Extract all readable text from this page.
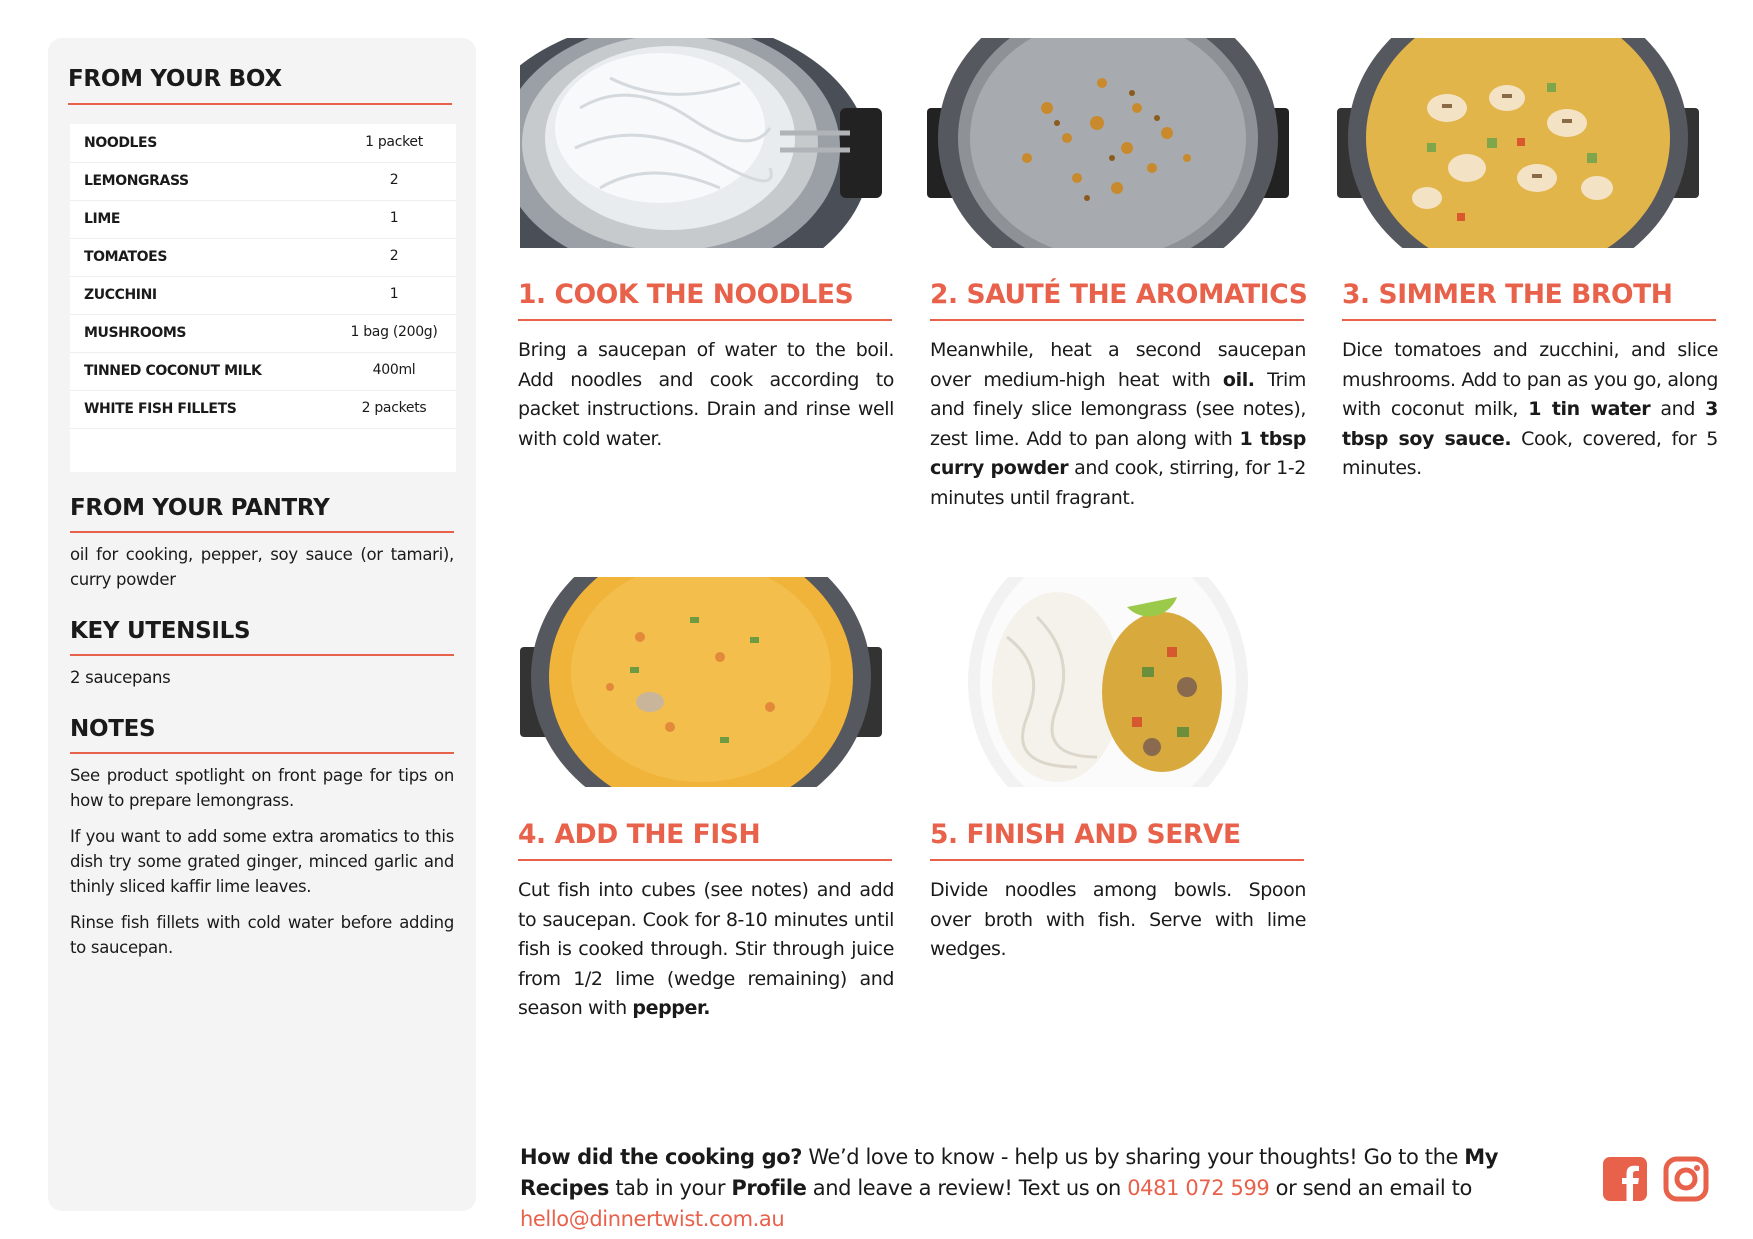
FROM YOUR BOX
NOODLES	1 packet
LEMONGRASS	2
LIME	1
TOMATOES	2
ZUCCHINI	1
MUSHROOMS	1 bag (200g)
TINNED COCONUT MILK	400ml
WHITE FISH FILLETS	2 packets
FROM YOUR PANTRY
oil for cooking, pepper, soy sauce (or tamari), curry powder
KEY UTENSILS
2 saucepans
NOTES
See product spotlight on front page for tips on how to prepare lemongrass.
If you want to add some extra aromatics to this dish try some grated ginger, minced garlic and thinly sliced kaffir lime leaves.
Rinse fish fillets with cold water before adding to saucepan.
1. COOK THE NOODLES	2. SAUTÉ THE AROMATICS 3. SIMMER THE BROTH
4. ADD THE FISH	5. FINISH AND SERVE
Bring a saucepan of water to the boil. Add noodles and cook according to packet instructions. Drain and rinse well with cold water.
Meanwhile, heat a second saucepan over medium-high heat with oil. Trim and finely slice lemongrass (see notes), zest lime. Add to pan along with 1 tbsp curry powder and cook, stirring, for 1-2 minutes until fragrant.
Dice tomatoes and zucchini, and slice mushrooms. Add to pan as you go, along with coconut milk, 1 tin water and 3 tbsp soy sauce. Cook, covered, for 5 minutes.
Cut fish into cubes (see notes) and add to saucepan. Cook for 8-10 minutes until fish is cooked through. Stir through juice from 1/2 lime (wedge remaining) and season with pepper.
Divide noodles among bowls. Spoon over broth with fish. Serve with lime wedges.
How did the cooking go? We’d love to know - help us by sharing your thoughts! Go to the My Recipes tab in your Profile and leave a review! Text us on 0481 072 599 or send an email to hello@dinnertwist.com.au
